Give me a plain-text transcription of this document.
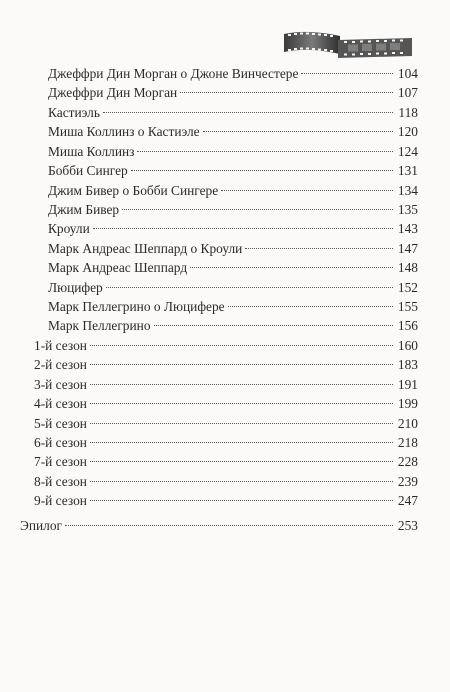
Джеффри Дин Морган о Джоне Винчестере	104
Джеффри Дин Морган	107
Кастиэль	118
Миша Коллинз о Кастиэле	120
Миша Коллинз	124
Бобби Сингер	131
Джим Бивер о Бобби Сингере	134
Джим Бивер	135
Кроули	143
Марк Андреас Шеппард о Кроули	147
Марк Андреас Шеппард	148
Люцифер	152
Марк Пеллегрино о Люцифере	155
Марк Пеллегрино	156
1-й сезон	160
2-й сезон	183
3-й сезон	191
4-й сезон	199
5-й сезон	210
6-й сезон	218
7-й сезон	228
8-й сезон	239
9-й сезон	247
Эпилог	253
